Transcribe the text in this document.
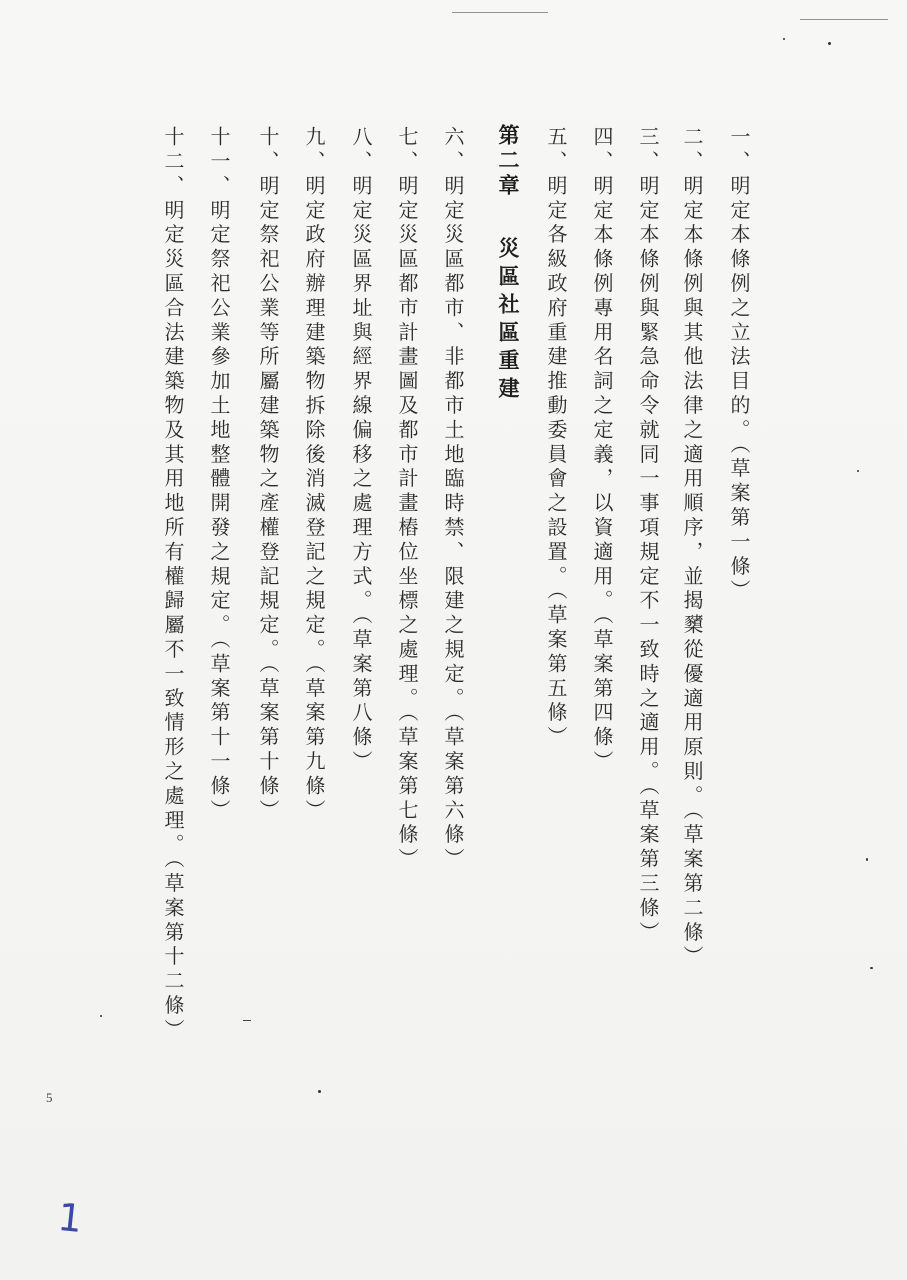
一、明定本條例之立法目的。（草案第一條）
二、明定本條例與其他法律之適用順序，並揭櫫從優適用原則。（草案第二條）
三、明定本條例與緊急命令就同一事項規定不一致時之適用。（草案第三條）
四、明定本條例專用名詞之定義，以資適用。（草案第四條）
五、明定各級政府重建推動委員會之設置。（草案第五條）
第二章災區社區重建
六、明定災區都市、非都市土地臨時禁、限建之規定。（草案第六條）
七、明定災區都市計畫圖及都市計畫樁位坐標之處理。（草案第七條）
八、明定災區界址與經界線偏移之處理方式。（草案第八條）
九、明定政府辦理建築物拆除後消滅登記之規定。（草案第九條）
十、明定祭祀公業等所屬建築物之產權登記規定。（草案第十條）
十一、明定祭祀公業參加土地整體開發之規定。（草案第十一條）
十二、明定災區合法建築物及其用地所有權歸屬不一致情形之處理。（草案第十二條）
5
1
